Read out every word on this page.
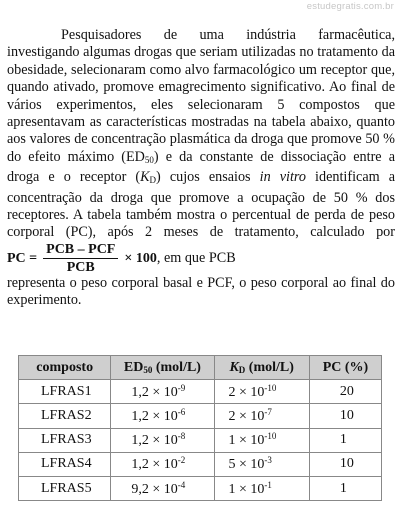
estudegratis.com.br

Pesquisadores de uma indústria farmacêutica, investigando algumas drogas que seriam utilizadas no tratamento da obesidade, selecionaram como alvo farmacológico um receptor que, quando ativado, promove emagrecimento significativo. Ao final de vários experimentos, eles selecionaram 5 compostos que apresentavam as características mostradas na tabela abaixo, quanto aos valores de concentração plasmática da droga que promove 50 % do efeito máximo $(ED_{50})$ e da constante de dissociação entre a droga e o receptor $(K_D)$ cujos ensaios in vitro identificam a concentração da droga que promove a ocupação de 50 % dos receptores. A tabela também mostra o percentual de perda de peso corporal (PC), após 2 meses de tratamento, calculado por
PC = $\frac{\text{PCB – PCF}}{\text{PCB}} \times 100$ , em que PCB

representa o peso corporal basal e PCF, o peso corporal ao final do experimento.

composto	$ED_{50}$ (mol/L)	$K_D$ (mol/L)	PC (%)
LFRAS1	$1,2 \times 10^{-9}$	$2 \times 10^{-10}$	20
LFRAS2	$1,2 \times 10^{-6}$	$2 \times 10^{-7}$	10
LFRAS3	$1,2 \times 10^{-8}$	$1 \times 10^{-10}$	1
LFRAS4	$1,2 \times 10^{-2}$	$5 \times 10^{-3}$	10
LFRAS5	$9,2 \times 10^{-4}$	$1 \times 10^{-1}$	1
